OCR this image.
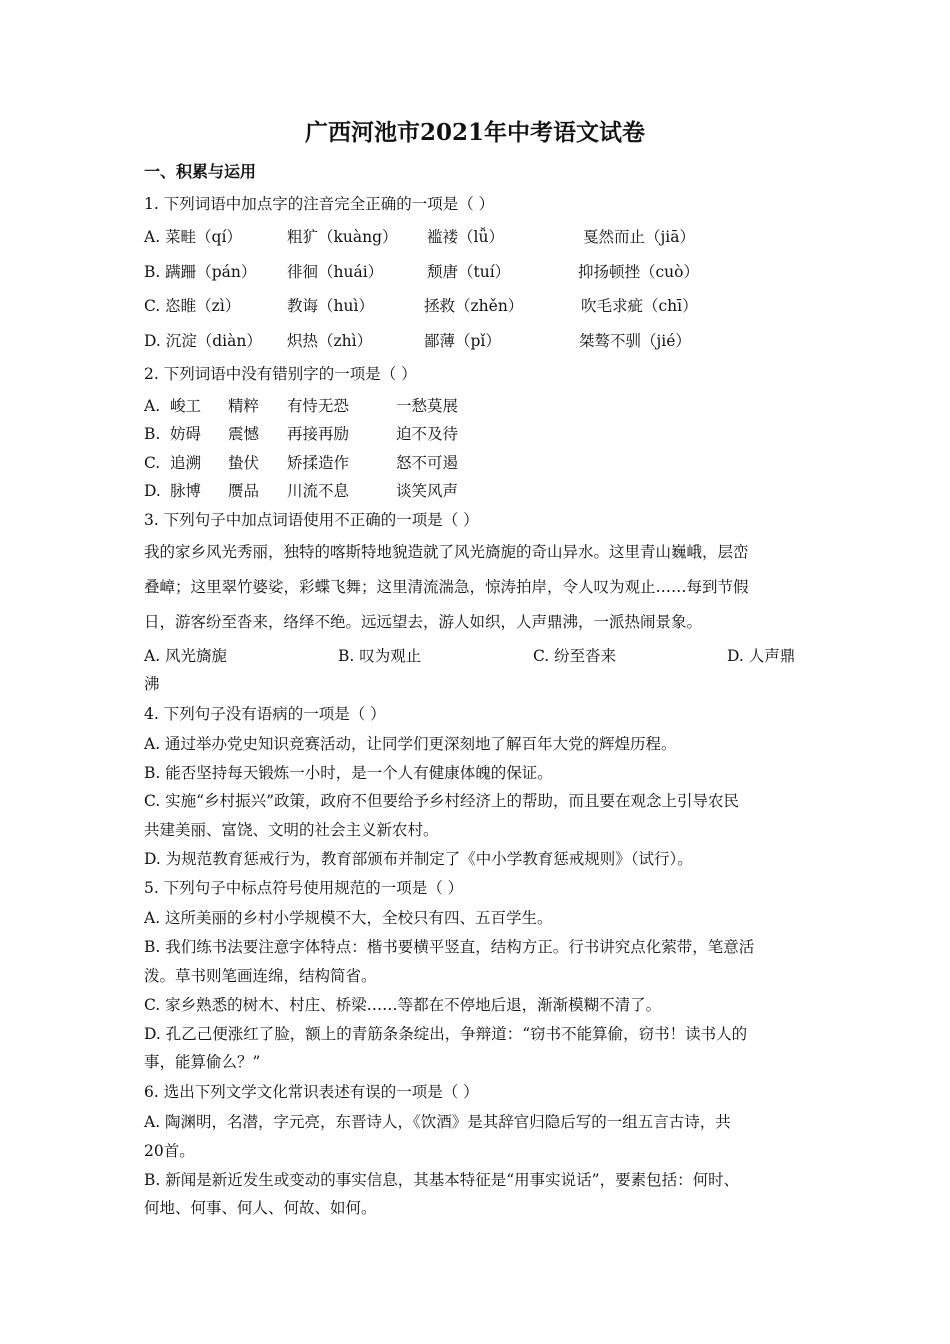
广西河池市2021年中考语文试卷
一、积累与运用
1. 下列词语中加点字的注音完全正确的一项是（ ）
A. 菜畦（qí）	粗犷（kuàng） 褴褛（lǚ）	戛然而止（jiā）
B. 蹒跚（pán） 徘徊（huái）	颓唐（tuí）	抑扬顿挫（cuò）
C. 恣睢（zì）	教诲（huì）	拯救（zhěn）	吹毛求疵（chī）
D. 沉淀（diàn） 炽热（zhì）	鄙薄（pǐ）	桀骜不驯（jié）
2. 下列词语中没有错别字的一项是（ ）
A. 峻工 精粹 有恃无恐	一愁莫展
B. 妨碍 震憾 再接再励	迫不及待
C. 追溯 蛰伏 矫揉造作	怒不可遏
D. 脉博 赝品 川流不息	谈笑风声
3. 下列句子中加点词语使用不正确的一项是（ ）
我的家乡风光秀丽，独特的喀斯特地貌造就了风光旖旎的奇山异水。这里青山巍峨，层峦
叠嶂；这里翠竹婆娑，彩蝶飞舞；这里清流湍急，惊涛拍岸，令人叹为观止……每到节假
日，游客纷至沓来，络绎不绝。远远望去，游人如织，人声鼎沸，一派热闹景象。
A. 风光旖旎	B. 叹为观止	C. 纷至沓来	D. 人声鼎
沸
4. 下列句子没有语病的一项是（ ）
A. 通过举办党史知识竞赛活动，让同学们更深刻地了解百年大党的辉煌历程。
B. 能否坚持每天锻炼一小时，是一个人有健康体魄的保证。
C. 实施“乡村振兴”政策，政府不但要给予乡村经济上的帮助，而且要在观念上引导农民
共建美丽、富饶、文明的社会主义新农村。
D. 为规范教育惩戒行为，教育部颁布并制定了《中小学教育惩戒规则》（试行）。
5. 下列句子中标点符号使用规范的一项是（ ）
A. 这所美丽的乡村小学规模不大，全校只有四、五百学生。
B. 我们练书法要注意字体特点：楷书要横平竖直，结构方正。行书讲究点化萦带，笔意活
泼。草书则笔画连绵，结构简省。
C. 家乡熟悉的树木、村庄、桥梁……等都在不停地后退，渐渐模糊不清了。
D. 孔乙己便涨红了脸，额上的青筋条条绽出，争辩道：“窃书不能算偷，窃书！读书人的
事，能算偷么？”
6. 选出下列文学文化常识表述有误的一项是（ ）
A. 陶渊明，名潜，字元亮，东晋诗人，《饮酒》是其辞官归隐后写的一组五言古诗，共
20首。
B. 新闻是新近发生或变动的事实信息，其基本特征是“用事实说话”，要素包括：何时、
何地、何事、何人、何故、如何。
